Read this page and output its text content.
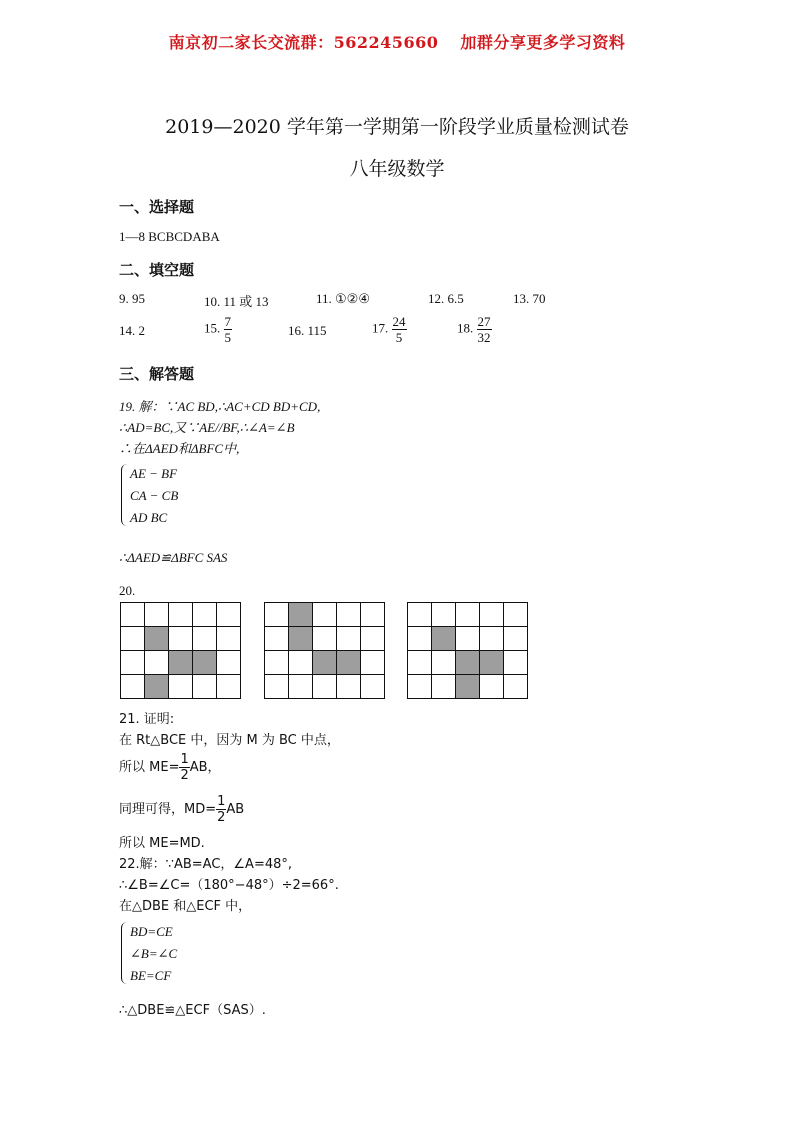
南京初二家长交流群：562245660 加群分享更多学习资料
2019—2020 学年第一学期第一阶段学业质量检测试卷
八年级数学
一、选择题
1—8 BCBCDABA
二、填空题
9. 95	10. 11 或 13	11. ①②④	12. 6.5	13. 70
14. 2	15. $\frac{7}{5}$	16. 115	17. $\frac{24}{5}$	18. $\frac{27}{32}$
三、解答题
19. 解：∵AC BD,∴AC+CD BD+CD,
∴AD=BC,又∵AE//BF,∴∠A=∠B
∴在ΔAED和ΔBFC中,
AE − BF
CA − CB
AD BC
∴ΔAED≌ΔBFC SAS
20.

21. 证明:
在 Rt△BCE 中，因为 M 为 BC 中点，
所以 $ME= \frac{1}{2}$ AB，
同理可得，$MD= \frac{1}{2}$ AB
所以 ME=MD.
22.解：∵AB=AC，∠A=48°,
∴∠B=∠C=（180°−48°）÷2=66°.
在△DBE 和△ECF 中，
BD=CE
∠B=∠C
BE=CF
∴△DBE≌△ECF（SAS）.
